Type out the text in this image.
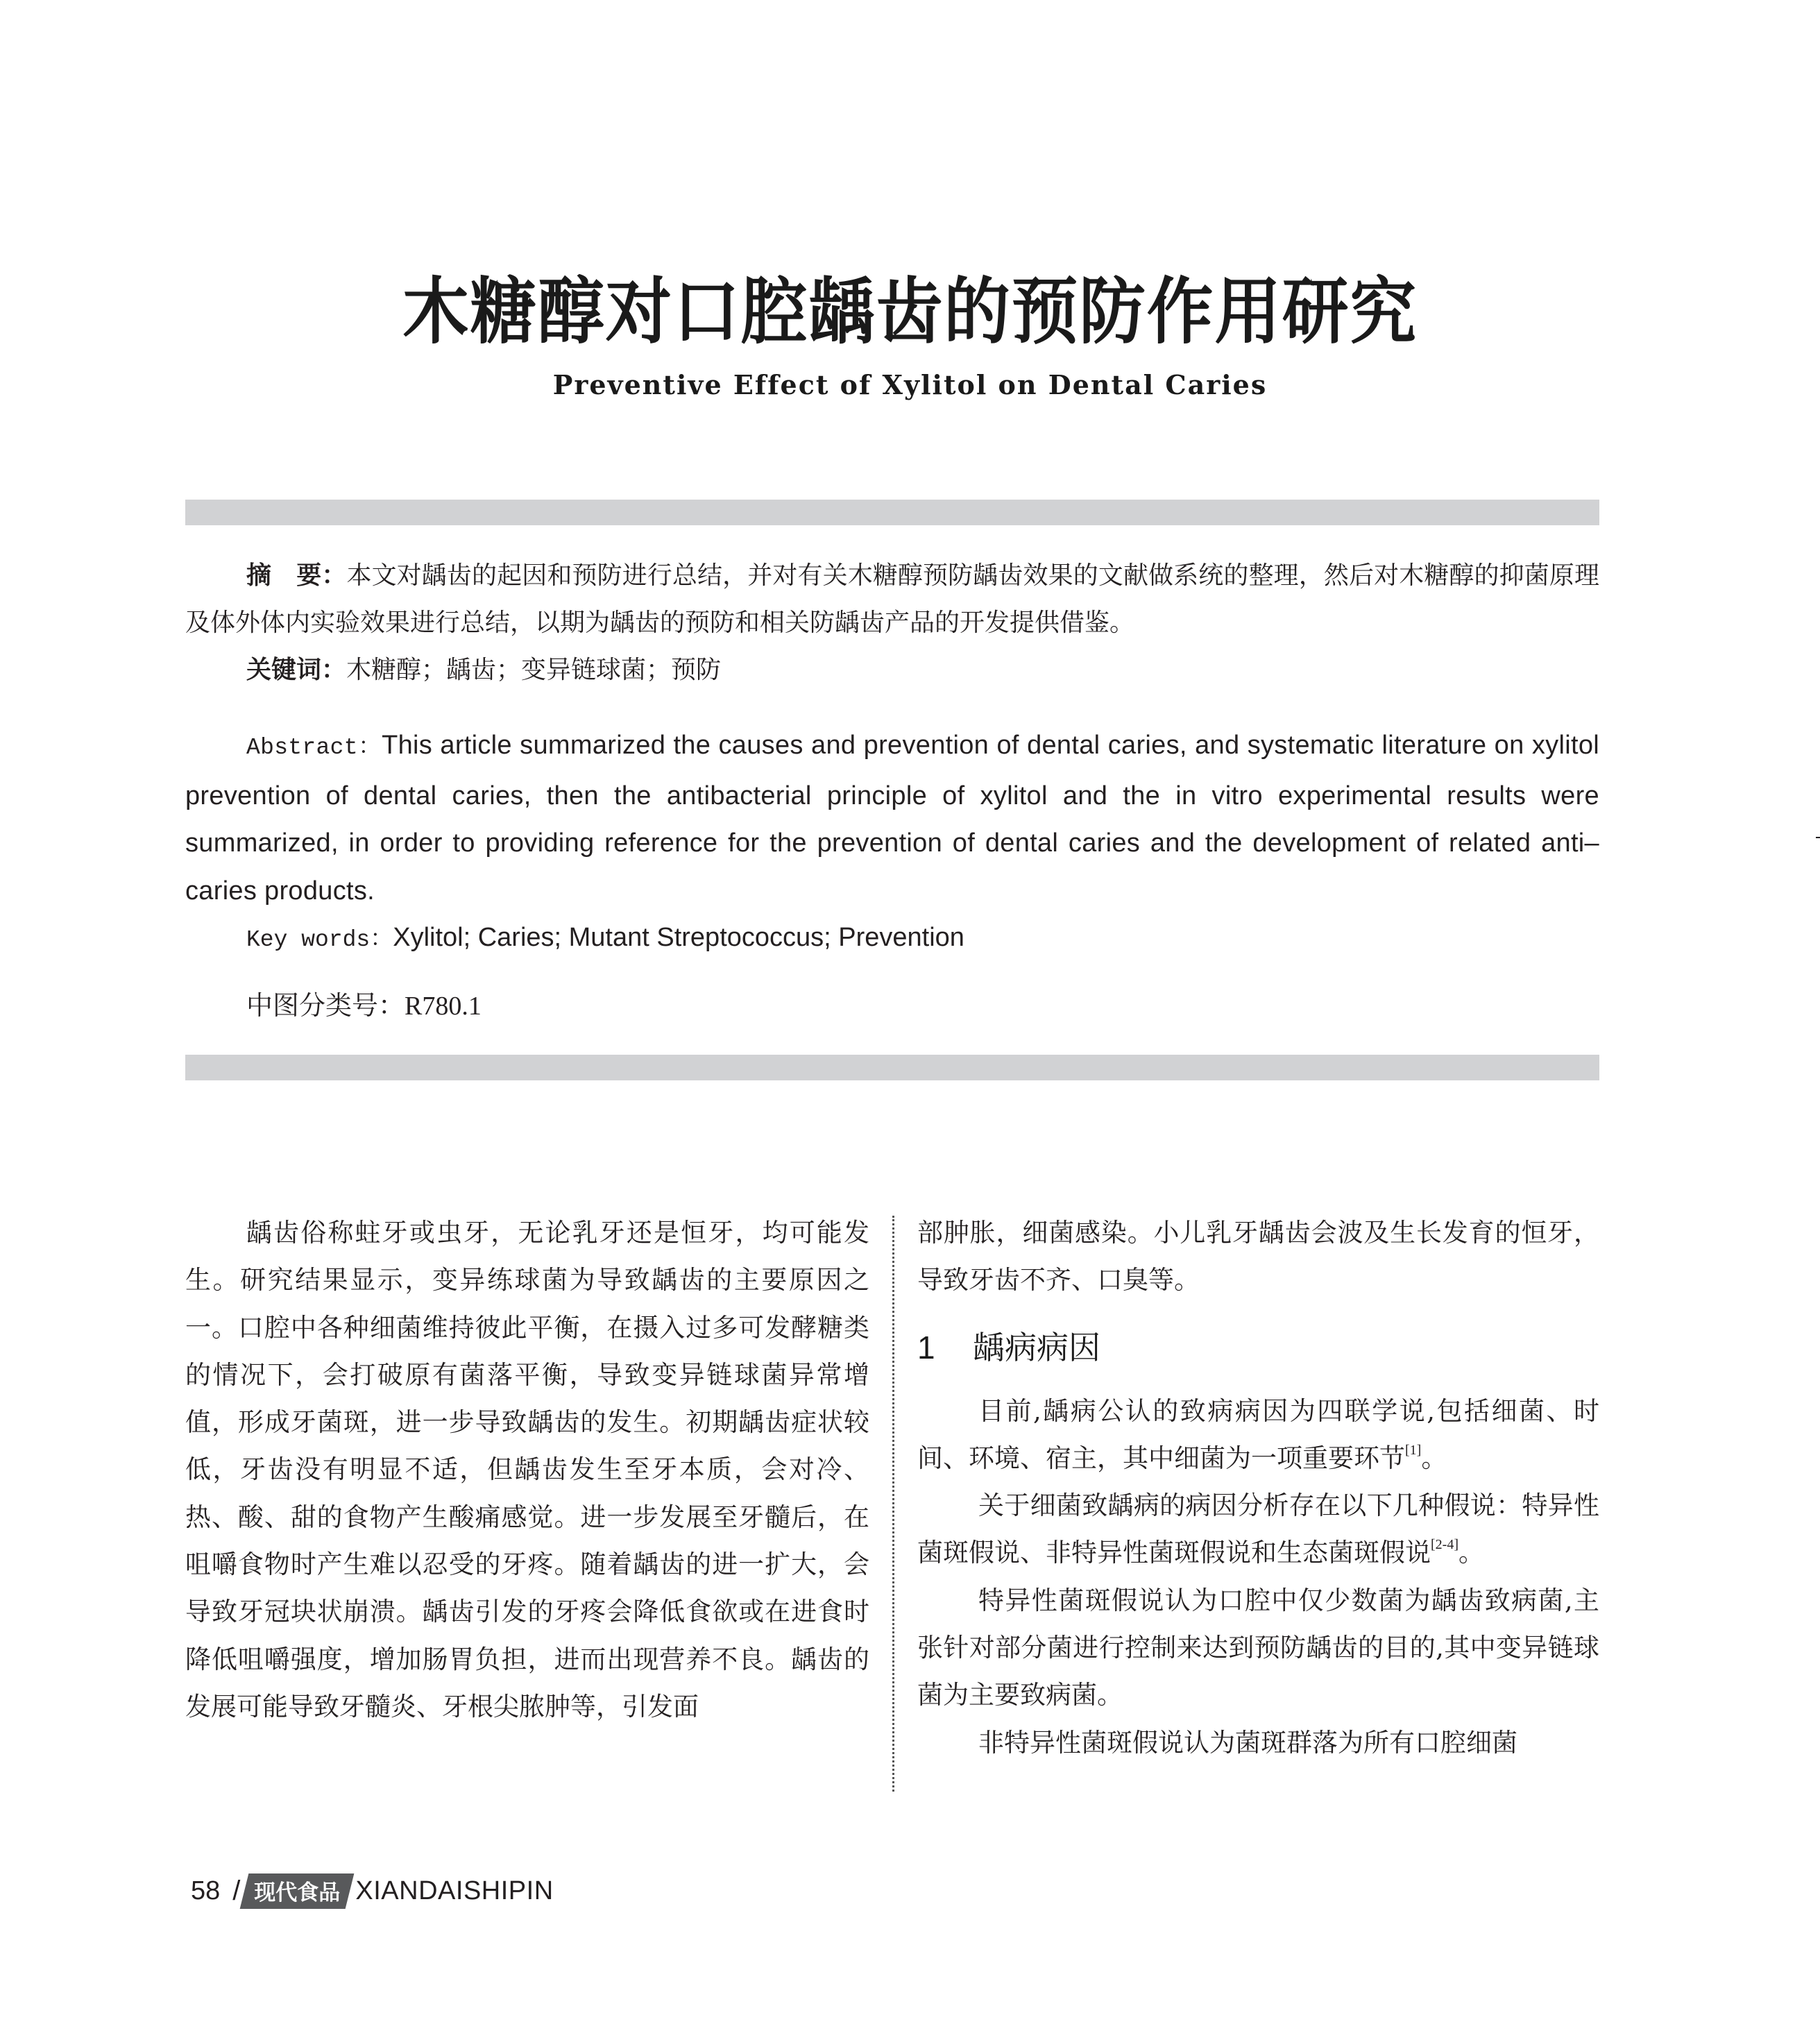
木糖醇对口腔龋齿的预防作用研究
Preventive Effect of Xylitol on Dental Caries
摘　要：本文对龋齿的起因和预防进行总结，并对有关木糖醇预防龋齿效果的文献做系统的整理，然后对木糖醇的抑菌原理及体外体内实验效果进行总结，以期为龋齿的预防和相关防龋齿产品的开发提供借鉴。
关键词：木糖醇；龋齿；变异链球菌；预防
Abstract：This article summarized the causes and prevention of dental caries, and systematic literature on xylitol prevention of dental caries, then the antibacterial principle of xylitol and the in vitro experimental results were summarized, in order to providing reference for the prevention of dental caries and the development of related anti–caries products.
Key words：Xylitol; Caries; Mutant Streptococcus; Prevention
中图分类号：R780.1

龋齿俗称蛀牙或虫牙，无论乳牙还是恒牙，均可能发生。研究结果显示，变异练球菌为导致龋齿的主要原因之一。口腔中各种细菌维持彼此平衡，在摄入过多可发酵糖类的情况下，会打破原有菌落平衡，导致变异链球菌异常增值，形成牙菌斑，进一步导致龋齿的发生。初期龋齿症状较低，牙齿没有明显不适，但龋齿发生至牙本质，会对冷、热、酸、甜的食物产生酸痛感觉。进一步发展至牙髓后，在咀嚼食物时产生难以忍受的牙疼。随着龋齿的进一扩大，会导致牙冠块状崩溃。龋齿引发的牙疼会降低食欲或在进食时降低咀嚼强度，增加肠胃负担，进而出现营养不良。龋齿的发展可能导致牙髓炎、牙根尖脓肿等，引发面

部肿胀，细菌感染。小儿乳牙龋齿会波及生长发育的恒牙，导致牙齿不齐、口臭等。

1 龋病病因

目前,龋病公认的致病病因为四联学说,包括细菌、时间、环境、宿主，其中细菌为一项重要环节[1]。

关于细菌致龋病的病因分析存在以下几种假说：特异性菌斑假说、非特异性菌斑假说和生态菌斑假说[2-4]。

特异性菌斑假说认为口腔中仅少数菌为龋齿致病菌,主张针对部分菌进行控制来达到预防龋齿的目的,其中变异链球菌为主要致病菌。

非特异性菌斑假说认为菌斑群落为所有口腔细菌

58 / 现代食品 XIANDAISHIPIN
